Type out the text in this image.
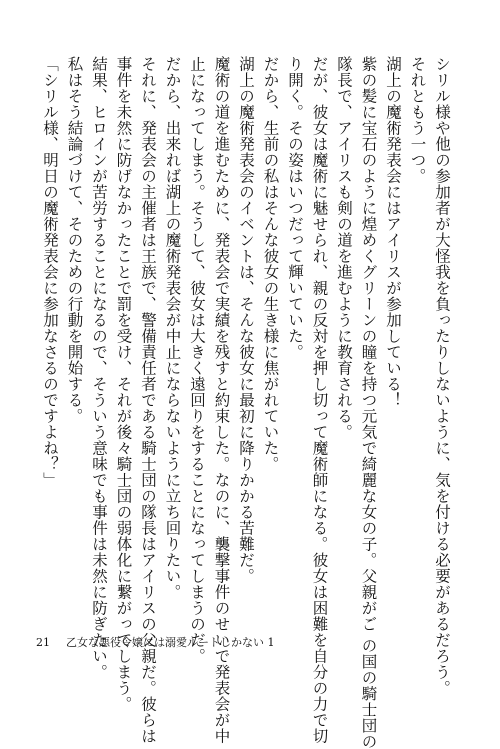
シリル様や他の参加者が大怪我を負ったりしないように、気を付ける必要があるだろう。
それともう一つ。
湖上の魔術発表会にはアイリスが参加している！
紫の髪に宝石のように煌めくグリーンの瞳を持つ元気で綺麗な女の子。父親がご の国の騎士団の
隊長で、アイリスも剣の道を進むように教育される。
だが、彼女は魔術に魅せられ、親の反対を押し切って魔術師になる。彼女は困難を自分の力で切
り開く。その姿はいつだって輝いていた。
だから、生前の私はそんな彼女の生き様に焦がれていた。
湖上の魔術発表会のイベントは、そんな彼女に最初に降りかかる苦難だ。
魔術の道を進むために、発表会で実績を残すと約束した。なのに、襲撃事件のせいで発表会が中
止になってしまう。そうして、彼女は大きく遠回りをすることになってしまうのだ。
だから、出来れば湖上の魔術発表会が中止にならないように立ち回りたい。
それに、発表会の主催者は王族で、警備責任者である騎士団の隊長はアイリスの父親だ。彼らは
事件を未然に防げなかったことで罰を受け、それが後々騎士団の弱体化に繋がってしまう。
結果、ヒロインが苦労することになるので、そういう意味でも事件は未然に防ぎたい。
私はそう結論づけて、そのための行動を開始する。
「シリル様、明日の魔術発表会に参加なさるのですよね？」
21 乙女な悪役令嬢には溺愛ルートしかない 1
